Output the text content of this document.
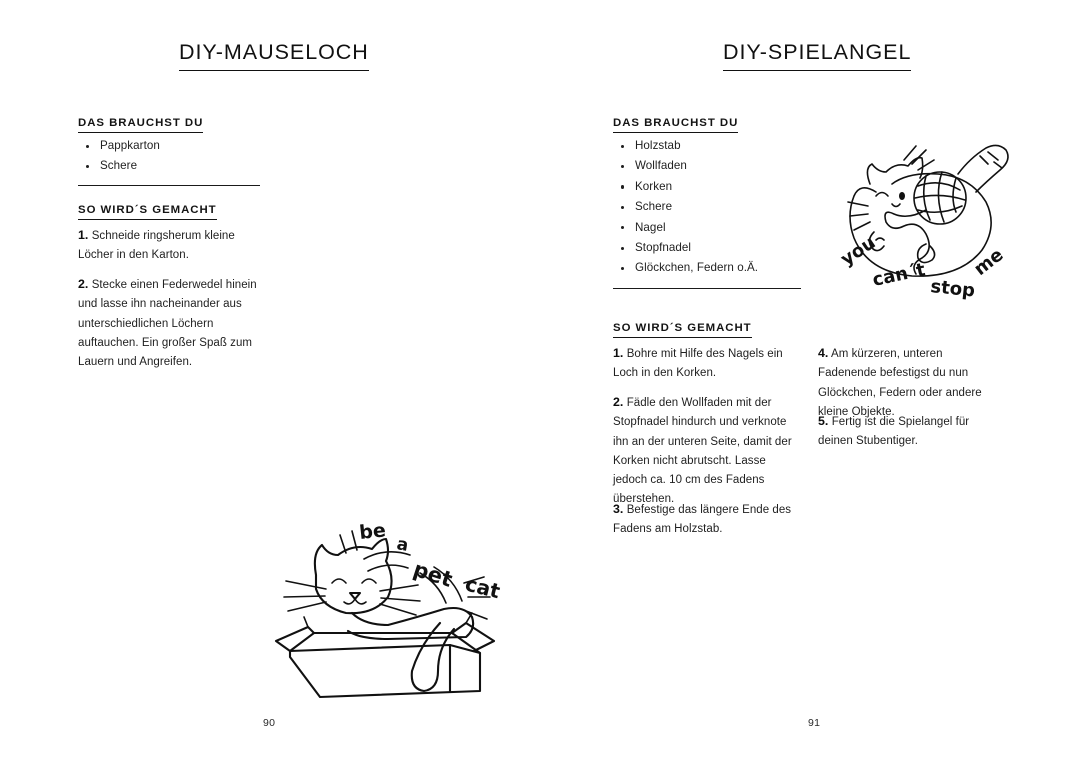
DIY-MAUSELOCH
DAS BRAUCHST DU
Pappkarton
Schere
SO WIRD´S GEMACHT
1. Schneide ringsherum kleine Löcher in den Karton.
2. Stecke einen Federwedel hinein und lasse ihn nacheinander aus unterschiedlichen Löchern auftauchen. Ein großer Spaß zum Lauern und Angreifen.
be
a
pet cat
90
DIY-SPIELANGEL
DAS BRAUCHST DU
Holzstab
Wollfaden
Korken
Schere
Nagel
Stopfnadel
Glöckchen, Federn o.Ä.
SO WIRD´S GEMACHT
1. Bohre mit Hilfe des Nagels ein Loch in den Korken.
2. Fädle den Wollfaden mit der Stopfnadel hindurch und verknote ihn an der unteren Seite, damit der Korken nicht abrutscht. Lasse jedoch ca. 10 cm des Fadens überstehen.
3. Befestige das längere Ende des Fadens am Holzstab.
4. Am kürzeren, unteren Fadenende befestigst du nun Glöckchen, Federn oder andere kleine Objekte.
5. Fertig ist die Spielangel für deinen Stubentiger.
you
can´t stop
me
91
